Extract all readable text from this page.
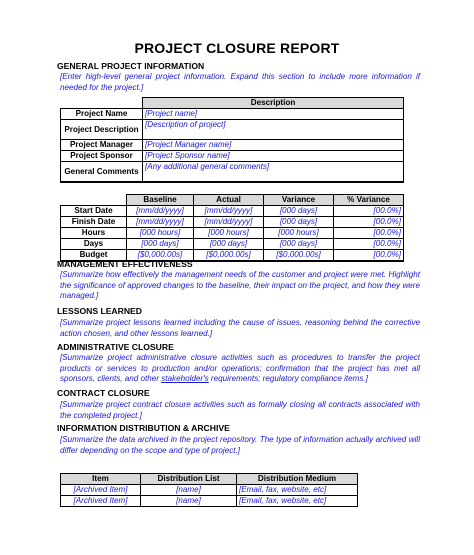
PROJECT CLOSURE REPORT
GENERAL PROJECT INFORMATION
[Enter high-level general project information. Expand this section to include more information if needed for the project.]
	Description
Project Name	[Project name]
Project Description	[Description of project]
Project Manager	[Project Manager name]
Project Sponsor	[Project Sponsor name]
General Comments	[Any additional general comments]
	Baseline	Actual	Variance	% Variance
Start Date	[mm/dd/yyyy]	[mm/dd/yyyy]	[000 days]	[00.0%]
Finish Date	[mm/dd/yyyy]	[mm/dd/yyyy]	[000 days]	[00.0%]
Hours	[000 hours]	[000 hours]	[000 hours]	[00.0%]
Days	[000 days]	[000 days]	[000 days]	[00.0%]
Budget	[$0,000.00s]	[$0,000.00s]	[$0,000.00s]	[00.0%]
MANAGEMENT EFFECTIVENESS
[Summarize how effectively the management needs of the customer and project were met. Highlight the significance of approved changes to the baseline, their impact on the project, and how they were managed.]
LESSONS LEARNED
[Summarize project lessons learned including the cause of issues, reasoning behind the corrective action chosen, and other lessons learned.]
ADMINISTRATIVE CLOSURE
[Summarize project administrative closure activities such as procedures to transfer the project products or services to production and/or operations; confirmation that the project has met all sponsors, clients, and other stakeholder's requirements; regulatory compliance items.]
CONTRACT CLOSURE
[Summarize project contract closure activities such as formally closing all contracts associated with the completed project.]
INFORMATION DISTRIBUTION & ARCHIVE
[Summarize the data archived in the project repository. The type of information actually archived will differ depending on the scope and type of project.]
Item	Distribution List	Distribution Medium
[Archived Item]	[name]	[Email, fax, website, etc]
[Archived Item]	[name]	[Email, fax, website, etc]
